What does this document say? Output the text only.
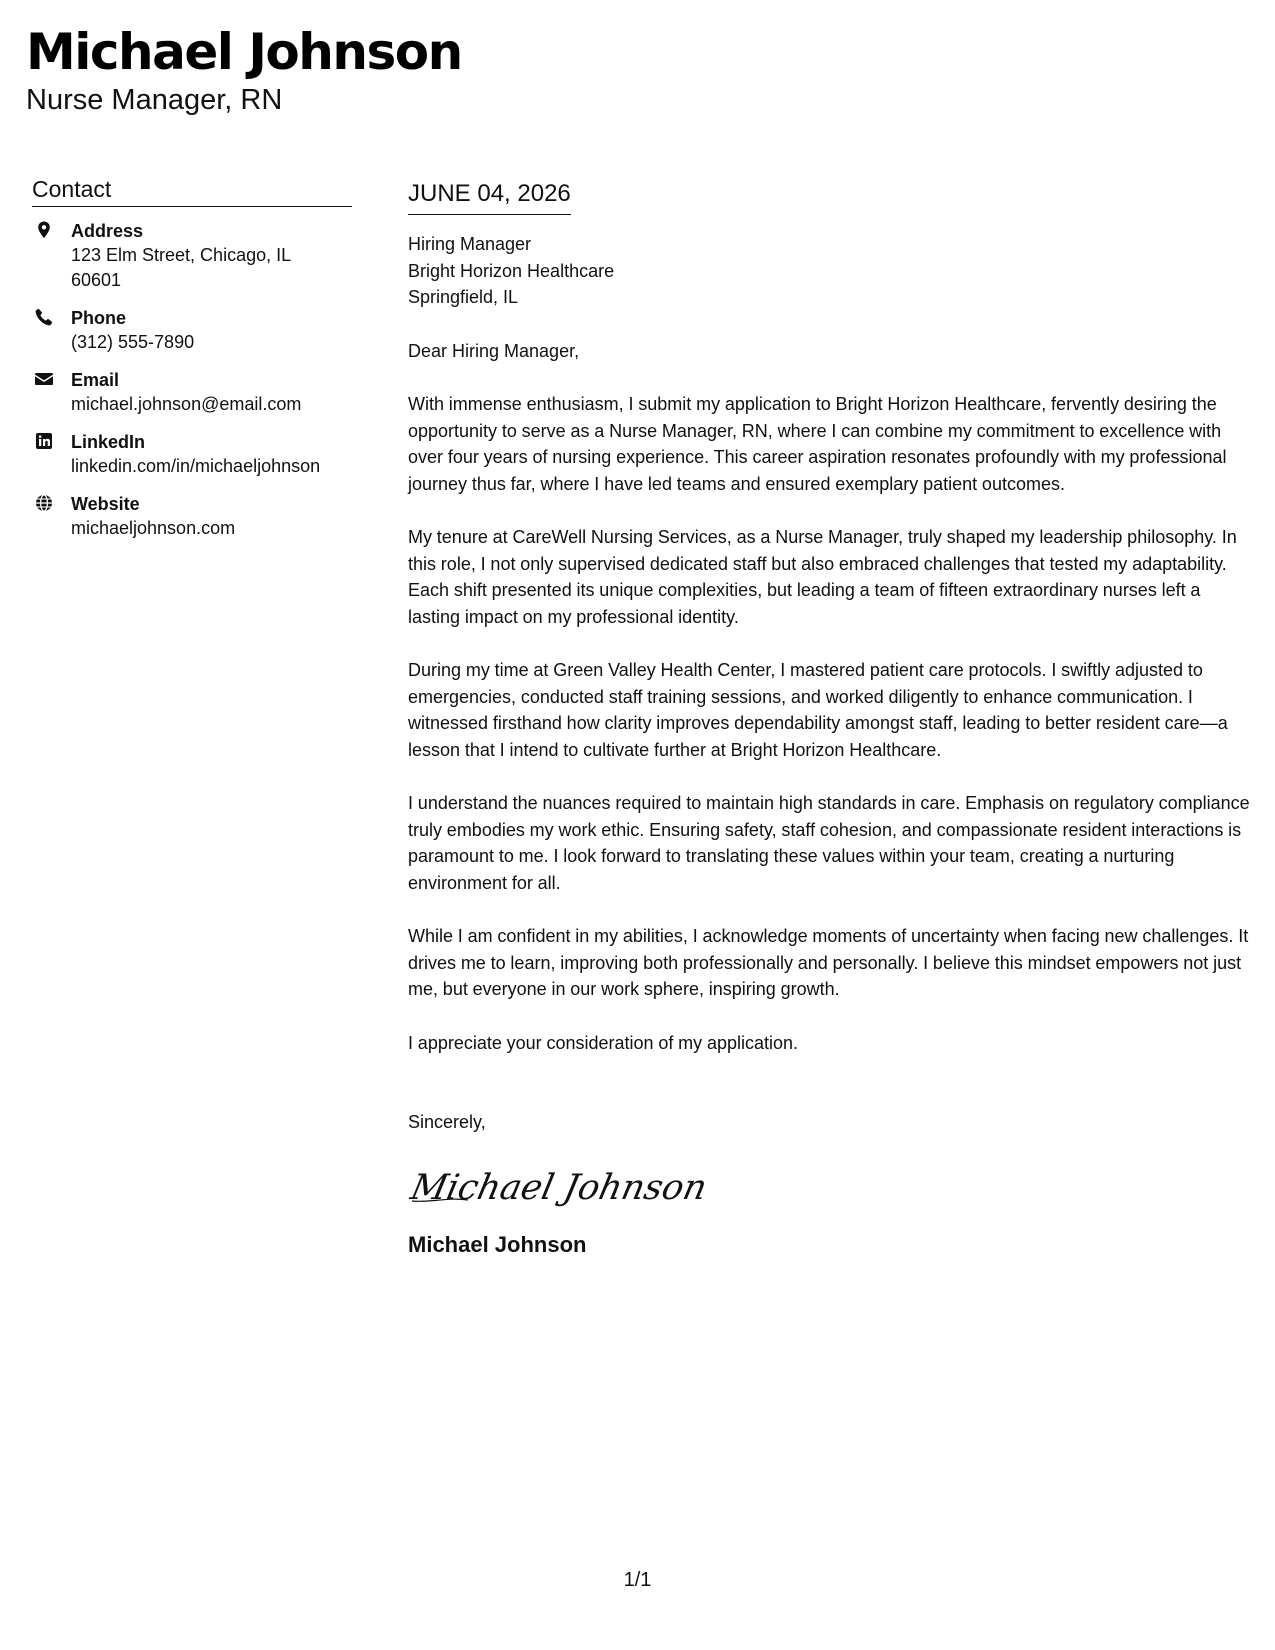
Michael Johnson
Nurse Manager, RN
Contact
Address
123 Elm Street, Chicago, IL 60601
Phone
(312) 555-7890
Email
michael.johnson@email.com
LinkedIn
linkedin.com/in/michaeljohnson
Website
michaeljohnson.com
JUNE 04, 2026
Hiring Manager
Bright Horizon Healthcare
Springfield, IL
Dear Hiring Manager,

With immense enthusiasm, I submit my application to Bright Horizon Healthcare, fervently desiring the opportunity to serve as a Nurse Manager, RN, where I can combine my commitment to excellence with over four years of nursing experience. This career aspiration resonates profoundly with my professional journey thus far, where I have led teams and ensured exemplary patient outcomes.

My tenure at CareWell Nursing Services, as a Nurse Manager, truly shaped my leadership philosophy. In this role, I not only supervised dedicated staff but also embraced challenges that tested my adaptability. Each shift presented its unique complexities, but leading a team of fifteen extraordinary nurses left a lasting impact on my professional identity.

During my time at Green Valley Health Center, I mastered patient care protocols. I swiftly adjusted to emergencies, conducted staff training sessions, and worked diligently to enhance communication. I witnessed firsthand how clarity improves dependability amongst staff, leading to better resident care—a lesson that I intend to cultivate further at Bright Horizon Healthcare.

I understand the nuances required to maintain high standards in care. Emphasis on regulatory compliance truly embodies my work ethic. Ensuring safety, staff cohesion, and compassionate resident interactions is paramount to me. I look forward to translating these values within your team, creating a nurturing environment for all.

While I am confident in my abilities, I acknowledge moments of uncertainty when facing new challenges. It drives me to learn, improving both professionally and personally. I believe this mindset empowers not just me, but everyone in our work sphere, inspiring growth.

I appreciate your consideration of my application.

Sincerely,
Michael Johnson
Michael Johnson
1/1
